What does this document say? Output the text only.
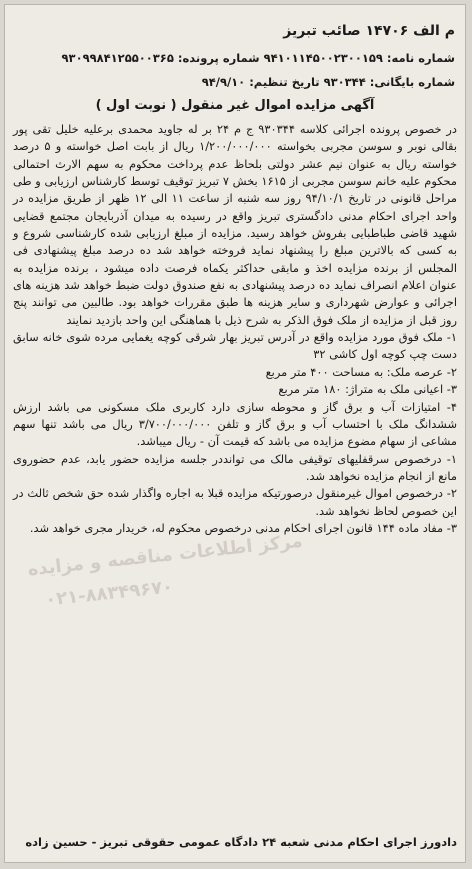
م الف ۱۴۷۰۶ صائب تبریز
شماره نامه: ۹۴۱۰۱۱۴۵۰۰۲۳۰۰۱۵۹ شماره پرونده: ۹۳۰۹۹۸۴۱۲۵۵۰۰۳۶۵
شماره بایگانی: ۹۳۰۳۴۴ تاریخ تنظیم: ۹۴/۹/۱۰
آگهی مزایده اموال غیر منقول ( نوبت اول )

در خصوص پرونده اجرائی کلاسه ۹۳۰۳۴۴ ج م ۲۴ بر له جاوید محمدی برعلیه خلیل تقی پور بقالی نوبر و سوسن مجربی بخواسته ۱/۲۰۰/۰۰۰/۰۰۰ ریال از بابت اصل خواسته و ۵ درصد خواسته ریال به عنوان نیم عشر دولتی بلحاظ عدم پرداخت محکوم به سهم الارث احتمالی محکوم علیه خانم سوسن مجربی از ۱۶۱۵ بخش ۷ تبریز توقیف توسط کارشناس ارزیابی و طی مراحل قانونی در تاریخ ۹۴/۱۰/۱ روز سه شنبه از ساعت ۱۱ الی ۱۲ ظهر از طریق مزایده در واحد اجرای احکام مدنی دادگستری تبریز واقع در رسیده به میدان آذربایجان مجتمع قضایی شهید قاضی طباطبایی بفروش خواهد رسید. مزایده از مبلغ ارزیابی شده کارشناسی شروع و به کسی که بالاترین مبلغ را پیشنهاد نماید فروخته خواهد شد ده درصد مبلغ پیشنهادی فی المجلس از برنده مزایده اخذ و مابقی حداکثر یکماه فرصت داده میشود ، برنده مزایده به عنوان اعلام انصراف نماید ده درصد پیشنهادی به نفع صندوق دولت ضبط خواهد شد هزینه های اجرائی و عوارض شهرداری و سایر هزینه ها طبق مقررات خواهد بود. طالبین می توانند پنج روز قبل از مزایده از ملک فوق الذکر به شرح ذیل با هماهنگی این واحد بازدید نمایند

۱- ملک فوق مورد مزایده واقع در آدرس تبریز بهار شرقی کوچه یغمایی مرده شوی خانه سابق دست چپ کوچه اول کاشی ۳۲

۲- عرصه ملک: به مساحت ۴۰۰ متر مربع

۳- اعیانی ملک به متراژ: ۱۸۰ متر مربع

۴- امتیازات آب و برق گاز و محوطه سازی دارد کاربری ملک مسکونی می باشد ارزش ششدانگ ملک با احتساب آب و برق گاز و تلفن ۳/۷۰۰/۰۰۰/۰۰۰ ریال می باشد تنها سهم مشاعی از سهام مضوع مزایده می باشد که قیمت آن - ریال میباشد.

۱- درخصوص سرقفلیهای توقیفی مالک می توانددر جلسه مزایده حضور یابد، عدم حضوروی مانع از انجام مزایده نخواهد شد.

۲- درخصوص اموال غیرمنقول درصورتیکه مزایده قبلا به اجاره واگذار شده حق شخص ثالث در این خصوص لحاظ نخواهد شد.

۳- مفاد ماده ۱۴۴ قانون اجرای احکام مدنی درخصوص محکوم له، خریدار مجری خواهد شد.

مرکز اطلاعات مناقصه و مزایده
۰۲۱-۸۸۳۴۹۶۷۰
دادورز اجرای احکام مدنی شعبه ۲۴ دادگاه عمومی حقوقی تبریز - حسین زاده
